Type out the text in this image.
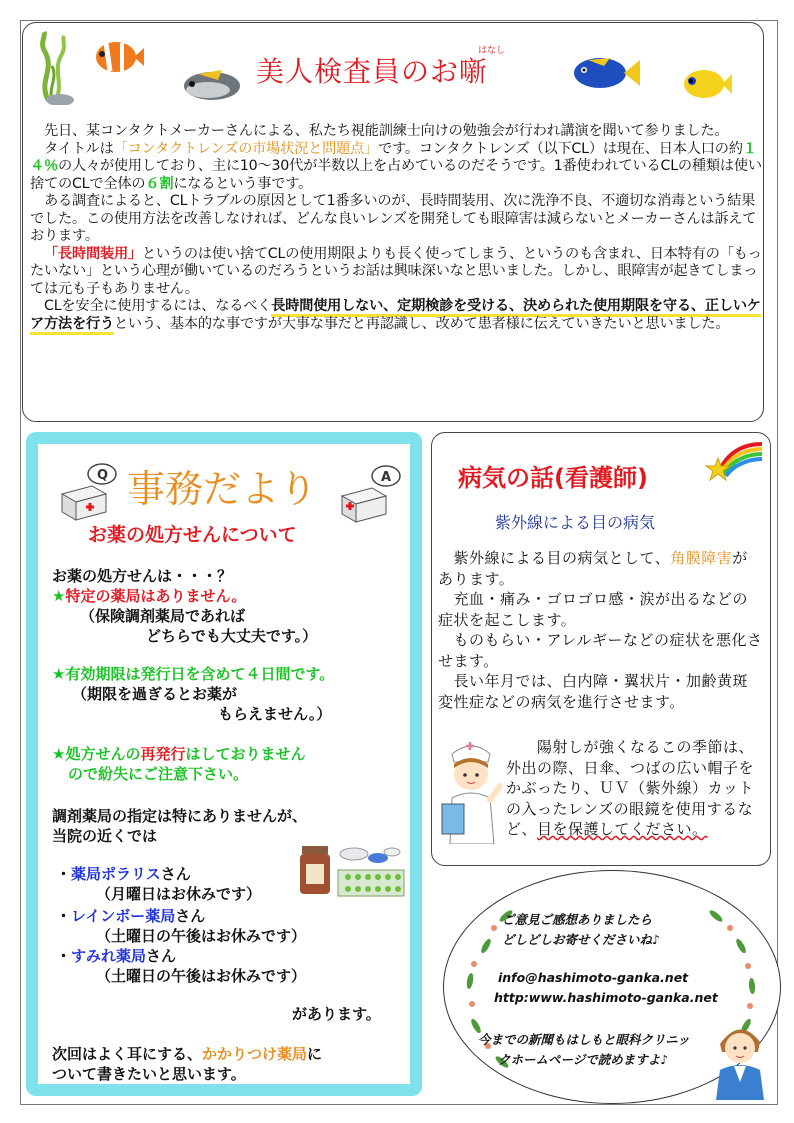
美人検査員のお噺
はなし

 先日、某コンタクトメーカーさんによる、私たち視能訓練士向けの勉強会が行われ講演を聞いて参りました。

 タイトルは「コンタクトレンズの市場状況と問題点」です。コンタクトレンズ（以下CL）は現在、日本人口の約１４％の人々が使用しており、主に10～30代が半数以上を占めているのだそうです。1番使われているCLの種類は使い捨てのCLで全体の６割になるという事です。

 ある調査によると、CLトラブルの原因として1番多いのが、長時間装用、次に洗浄不良、不適切な消毒という結果でした。この使用方法を改善しなければ、どんな良いレンズを開発しても眼障害は減らないとメーカーさんは訴えております。

 「長時間装用」というのは使い捨てCLの使用期限よりも長く使ってしまう、というのも含まれ、日本特有の「もったいない」という心理が働いているのだろうというお話は興味深いなと思いました。しかし、眼障害が起きてしまっては元も子もありません。

 CLを安全に使用するには、なるべく長時間使用しない、定期検診を受ける、決められた使用期限を守る、正しいケア方法を行うという、基本的な事ですが大事な事だと再認識し、改めて患者様に伝えていきたいと思いました。

Q	A
事務だより
お薬の処方せんについて
お薬の処方せんは・・・？
★特定の薬局はありません。
（保険調剤薬局であれば
どちらでも大丈夫です。）
★有効期限は発行日を含めて４日間です。
（期限を過ぎるとお薬が
もらえません。）
★処方せんの再発行はしておりません
ので紛失にご注意下さい。
調剤薬局の指定は特にありませんが、
当院の近くでは
・薬局ポラリスさん
（月曜日はお休みです）
・レインボー薬局さん
（土曜日の午後はお休みです）
・すみれ薬局さん
（土曜日の午後はお休みです）
があります。
次回はよく耳にする、かかりつけ薬局に
ついて書きたいと思います。
病気の話(看護師)
紫外線による目の病気

 紫外線による目の病気として、角膜障害があります。

 充血・痛み・ゴロゴロ感・涙が出るなどの症状を起こします。

 ものもらい・アレルギーなどの症状を悪化させます。

 長い年月では、白内障・翼状片・加齢黄斑変性症などの病気を進行させます。

  陽射しが強くなるこの季節は、外出の際、日傘、つばの広い帽子をかぶったり、ＵＶ（紫外線）カットの入ったレンズの眼鏡を使用するなど、目を保護してください。
ご意見ご感想ありましたら
どしどしお寄せくださいね♪
info@hashimoto-ganka.net
http:www.hashimoto-ganka.net
今までの新聞もはしもと眼科クリニッ
クホームページで読めますよ♪
